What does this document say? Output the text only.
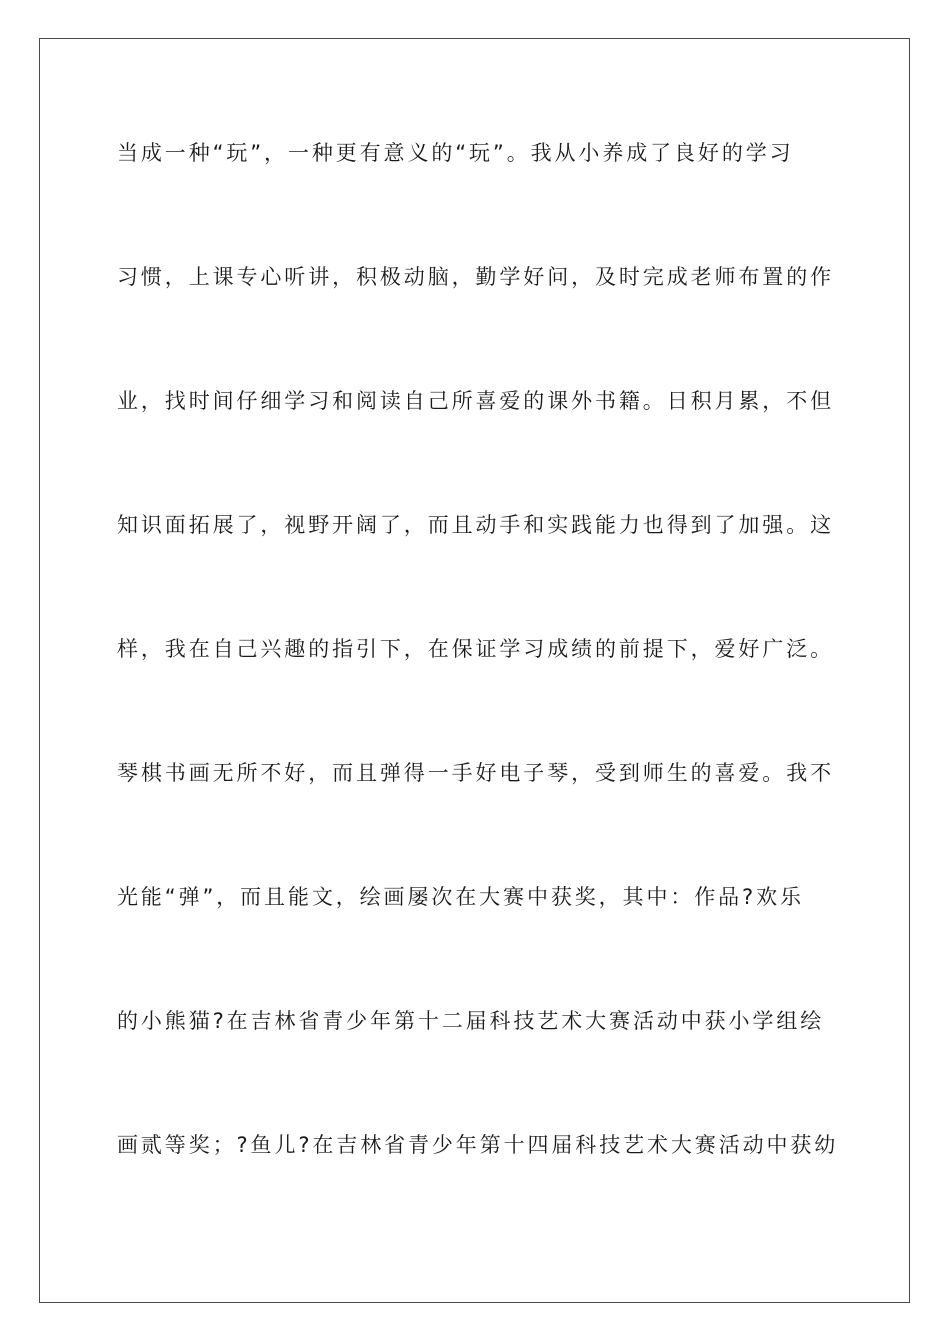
当成一种“玩”，一种更有意义的“玩”。我从小养成了良好的学习

习惯，上课专心听讲，积极动脑，勤学好问，及时完成老师布置的作

业，找时间仔细学习和阅读自己所喜爱的课外书籍。日积月累，不但

知识面拓展了，视野开阔了，而且动手和实践能力也得到了加强。这

样，我在自己兴趣的指引下，在保证学习成绩的前提下，爱好广泛。

琴棋书画无所不好，而且弹得一手好电子琴，受到师生的喜爱。我不

光能“弹”，而且能文，绘画屡次在大赛中获奖，其中：作品?欢乐

的小熊猫?在吉林省青少年第十二届科技艺术大赛活动中获小学组绘

画贰等奖；?鱼儿?在吉林省青少年第十四届科技艺术大赛活动中获幼
